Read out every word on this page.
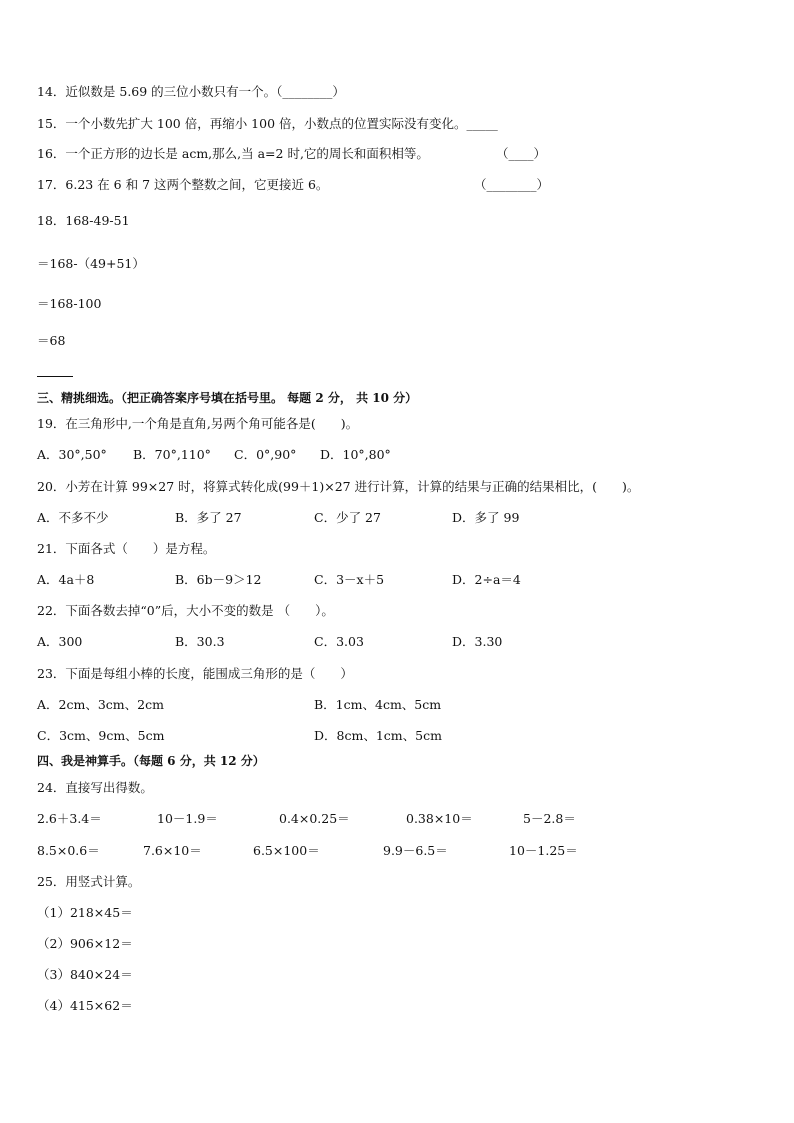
14．近似数是 5.69 的三位小数只有一个。（________）
15．一个小数先扩大 100 倍，再缩小 100 倍，小数点的位置实际没有变化。_____
16．一个正方形的边长是 acm,那么,当 a=2 时,它的周长和面积相等。	（____）
17．6.23 在 6 和 7 这两个整数之间，它更接近 6。	（________）
18．168-49-51
＝168-（49+51）
＝168-100
＝68
三、精挑细选。（把正确答案序号填在括号里。 每题 2 分， 共 10 分）
19．在三角形中,一个角是直角,另两个角可能各是(　　)。
A．30°,50° B．70°,110° C．0°,90° D．10°,80°
20．小芳在计算 99×27 时，将算式转化成(99＋1)×27 进行计算，计算的结果与正确的结果相比，(　　)。
A．不多不少	B．多了 27	C．少了 27	D．多了 99
21．下面各式（　　）是方程。
A．4a＋8	B．6b－9＞12	C．3－x＋5	D．2÷a＝4
22．下面各数去掉“0”后，大小不变的数是 （　　）。
A．300	B．30.3	C．3.03	D．3.30
23．下面是每组小棒的长度，能围成三角形的是（　　）
A．2cm、3cm、2cm	B．1cm、4cm、5cm
C．3cm、9cm、5cm	D．8cm、1cm、5cm
四、我是神算手。（每题 6 分，共 12 分）
24．直接写出得数。
2.6＋3.4＝	10－1.9＝	0.4×0.25＝	0.38×10＝	5－2.8＝
8.5×0.6＝	7.6×10＝	6.5×100＝	9.9－6.5＝	10－1.25＝
25．用竖式计算。
（1）218×45＝
（2）906×12＝
（3）840×24＝
（4）415×62＝
